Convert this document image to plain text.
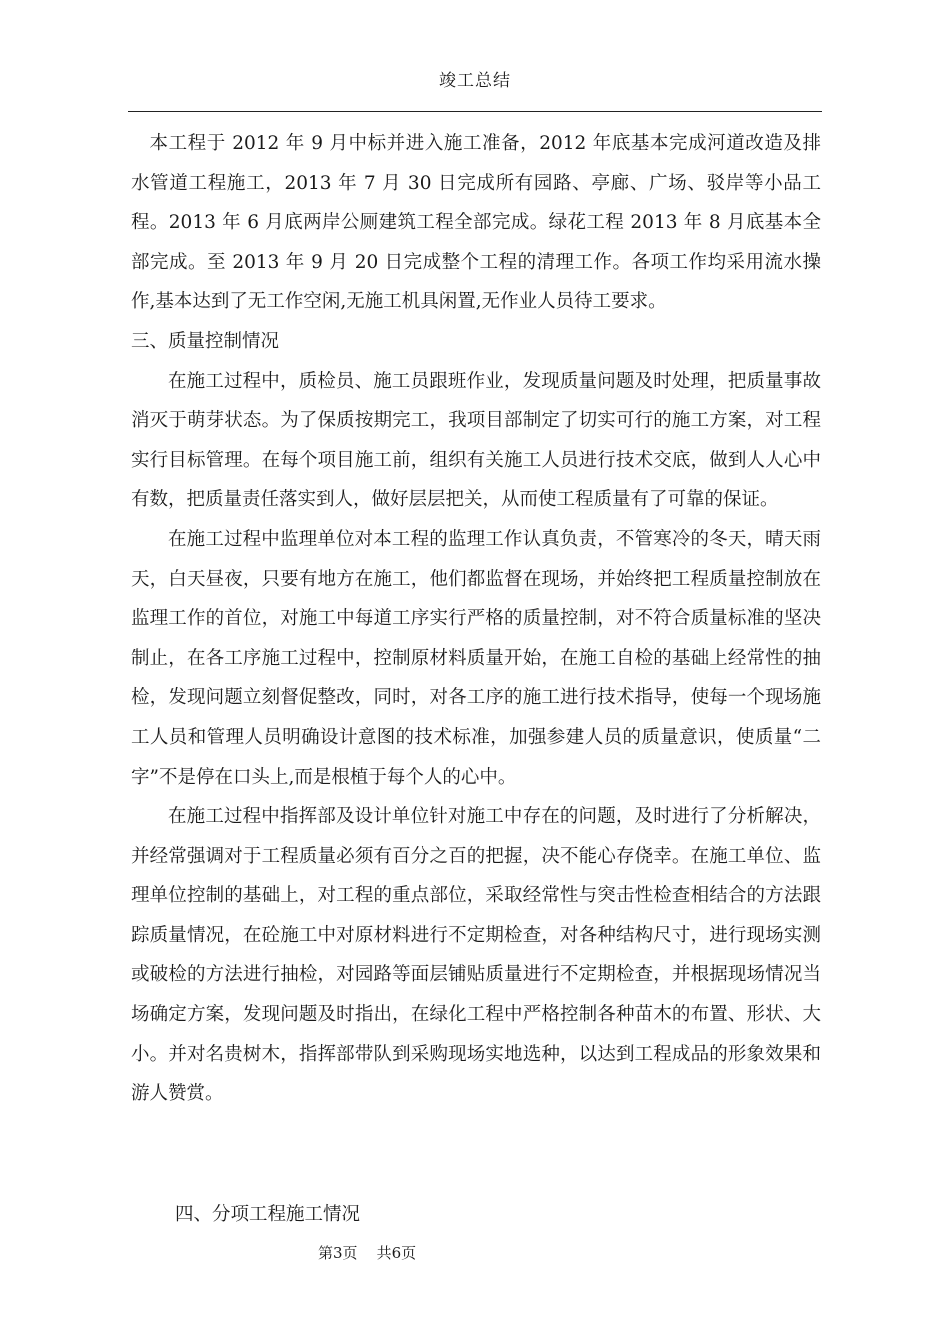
竣工总结

本工程于 2012 年 9 月中标并进入施工准备，2012 年底基本完成河道改造及排水管道工程施工，2013 年 7 月 30 日完成所有园路、亭廊、广场、驳岸等小品工程。2013 年 6 月底两岸公厕建筑工程全部完成。绿花工程 2013 年 8 月底基本全部完成。至 2013 年 9 月 20 日完成整个工程的清理工作。各项工作均采用流水操作,基本达到了无工作空闲,无施工机具闲置,无作业人员待工要求。

三、质量控制情况

在施工过程中，质检员、施工员跟班作业，发现质量问题及时处理，把质量事故消灭于萌芽状态。为了保质按期完工，我项目部制定了切实可行的施工方案，对工程实行目标管理。在每个项目施工前，组织有关施工人员进行技术交底，做到人人心中有数，把质量责任落实到人，做好层层把关，从而使工程质量有了可靠的保证。

在施工过程中监理单位对本工程的监理工作认真负责，不管寒冷的冬天，晴天雨天，白天昼夜，只要有地方在施工，他们都监督在现场，并始终把工程质量控制放在监理工作的首位，对施工中每道工序实行严格的质量控制，对不符合质量标准的坚决制止，在各工序施工过程中，控制原材料质量开始，在施工自检的基础上经常性的抽检，发现问题立刻督促整改，同时，对各工序的施工进行技术指导，使每一个现场施工人员和管理人员明确设计意图的技术标准，加强参建人员的质量意识，使质量“二字”不是停在口头上,而是根植于每个人的心中。

在施工过程中指挥部及设计单位针对施工中存在的问题，及时进行了分析解决，并经常强调对于工程质量必须有百分之百的把握，决不能心存侥幸。在施工单位、监理单位控制的基础上，对工程的重点部位，采取经常性与突击性检查相结合的方法跟踪质量情况，在砼施工中对原材料进行不定期检查，对各种结构尺寸，进行现场实测或破检的方法进行抽检，对园路等面层铺贴质量进行不定期检查，并根据现场情况当场确定方案，发现问题及时指出，在绿化工程中严格控制各种苗木的布置、形状、大小。并对名贵树木，指挥部带队到采购现场实地选种，以达到工程成品的形象效果和游人赞赏。

四、分项工程施工情况

第3页    共6页
